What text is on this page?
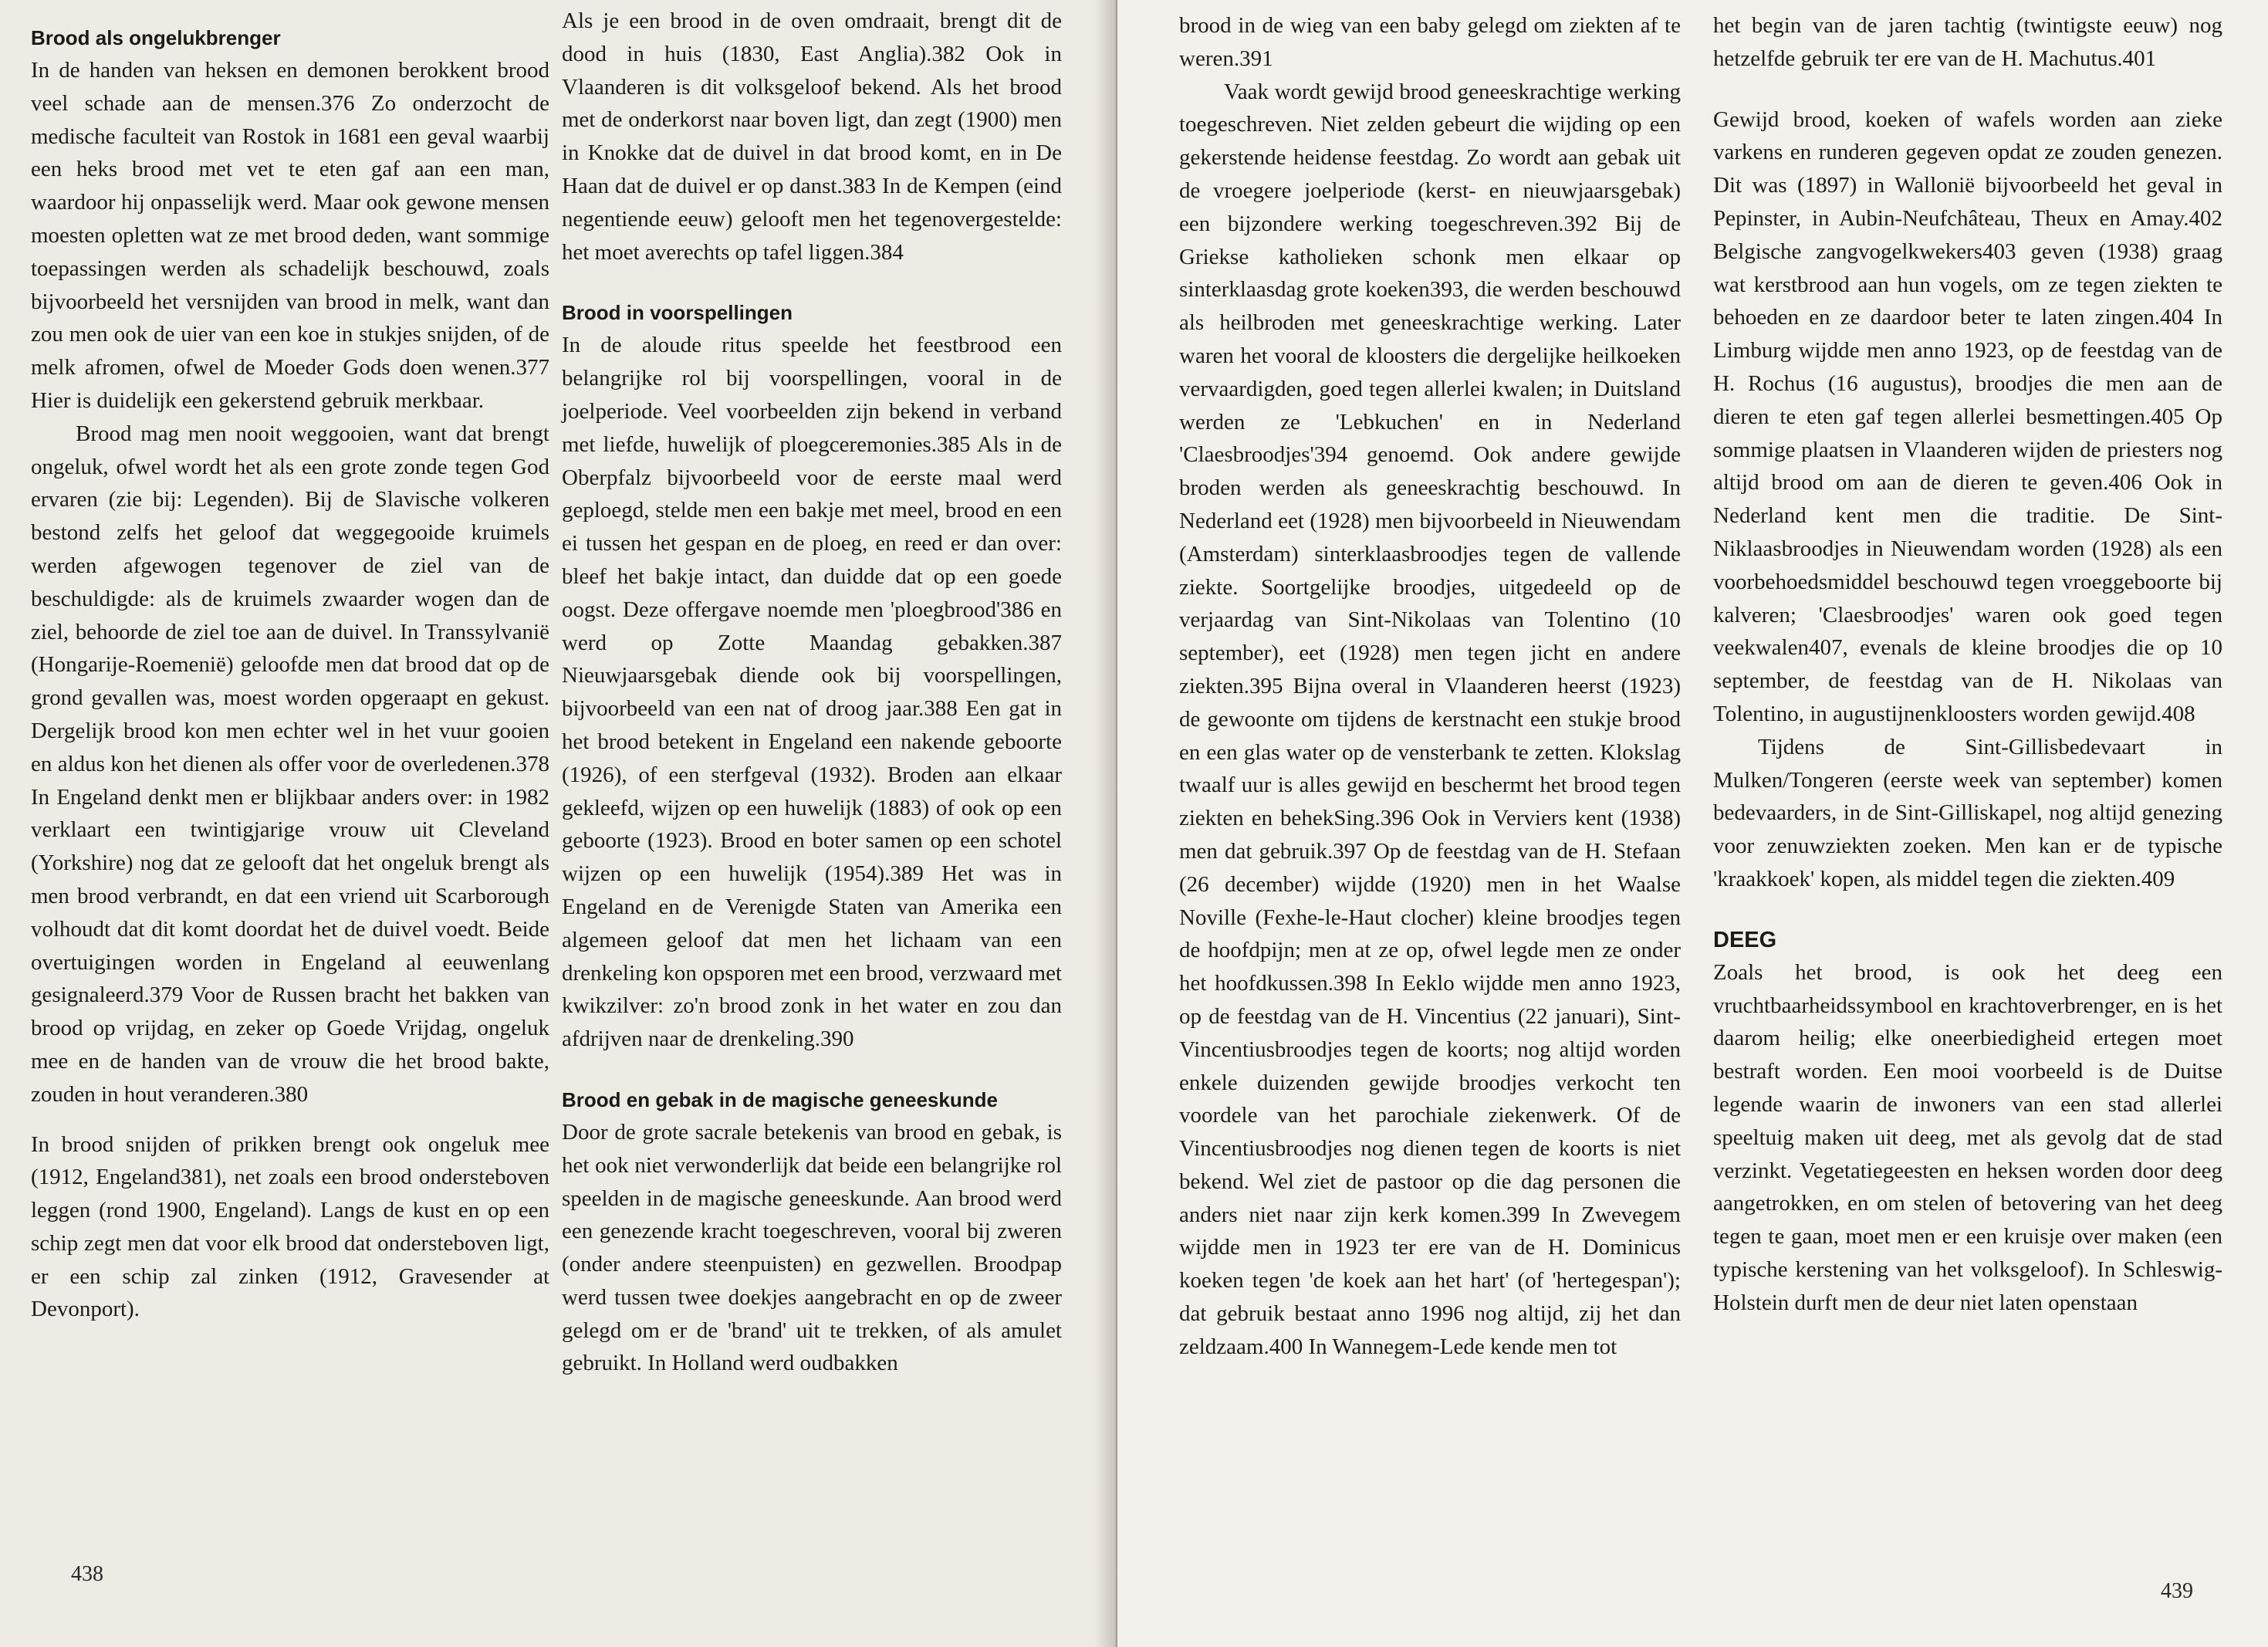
Brood als ongelukbrenger

In de handen van heksen en demonen berokkent brood veel schade aan de mensen.376 Zo onderzocht de medische faculteit van Rostok in 1681 een geval waarbij een heks brood met vet te eten gaf aan een man, waardoor hij onpasselijk werd. Maar ook gewone mensen moesten opletten wat ze met brood deden, want sommige toepassingen werden als schadelijk beschouwd, zoals bijvoorbeeld het versnijden van brood in melk, want dan zou men ook de uier van een koe in stukjes snijden, of de melk afromen, ofwel de Moeder Gods doen wenen.377 Hier is duidelijk een gekerstend gebruik merkbaar.

Brood mag men nooit weggooien, want dat brengt ongeluk, ofwel wordt het als een grote zonde tegen God ervaren (zie bij: Legenden). Bij de Slavische volkeren bestond zelfs het geloof dat weggegooide kruimels werden afgewogen tegenover de ziel van de beschuldigde: als de kruimels zwaarder wogen dan de ziel, behoorde de ziel toe aan de duivel. In Transsylvanië (Hongarije-Roemenië) geloofde men dat brood dat op de grond gevallen was, moest worden opgeraapt en gekust. Dergelijk brood kon men echter wel in het vuur gooien en aldus kon het dienen als offer voor de overledenen.378 In Engeland denkt men er blijkbaar anders over: in 1982 verklaart een twintigjarige vrouw uit Cleveland (Yorkshire) nog dat ze gelooft dat het ongeluk brengt als men brood verbrandt, en dat een vriend uit Scarborough volhoudt dat dit komt doordat het de duivel voedt. Beide overtuigingen worden in Engeland al eeuwenlang gesignaleerd.379 Voor de Russen bracht het bakken van brood op vrijdag, en zeker op Goede Vrijdag, ongeluk mee en de handen van de vrouw die het brood bakte, zouden in hout veranderen.380

In brood snijden of prikken brengt ook ongeluk mee (1912, Engeland381), net zoals een brood ondersteboven leggen (rond 1900, Engeland). Langs de kust en op een schip zegt men dat voor elk brood dat ondersteboven ligt, er een schip zal zinken (1912, Gravesender at Devonport).

Als je een brood in de oven omdraait, brengt dit de dood in huis (1830, East Anglia).382 Ook in Vlaanderen is dit volksgeloof bekend. Als het brood met de onderkorst naar boven ligt, dan zegt (1900) men in Knokke dat de duivel in dat brood komt, en in De Haan dat de duivel er op danst.383 In de Kempen (eind negentiende eeuw) gelooft men het tegenovergestelde: het moet averechts op tafel liggen.384

Brood in voorspellingen

In de aloude ritus speelde het feestbrood een belangrijke rol bij voorspellingen, vooral in de joelperiode. Veel voorbeelden zijn bekend in verband met liefde, huwelijk of ploegceremonies.385 Als in de Oberpfalz bijvoorbeeld voor de eerste maal werd geploegd, stelde men een bakje met meel, brood en een ei tussen het gespan en de ploeg, en reed er dan over: bleef het bakje intact, dan duidde dat op een goede oogst. Deze offergave noemde men 'ploegbrood'386 en werd op Zotte Maandag gebakken.387 Nieuwjaarsgebak diende ook bij voorspellingen, bijvoorbeeld van een nat of droog jaar.388 Een gat in het brood betekent in Engeland een nakende geboorte (1926), of een sterfgeval (1932). Broden aan elkaar gekleefd, wijzen op een huwelijk (1883) of ook op een geboorte (1923). Brood en boter samen op een schotel wijzen op een huwelijk (1954).389 Het was in Engeland en de Verenigde Staten van Amerika een algemeen geloof dat men het lichaam van een drenkeling kon opsporen met een brood, verzwaard met kwikzilver: zo'n brood zonk in het water en zou dan afdrijven naar de drenkeling.390

Brood en gebak in de magische geneeskunde

Door de grote sacrale betekenis van brood en gebak, is het ook niet verwonderlijk dat beide een belangrijke rol speelden in de magische geneeskunde. Aan brood werd een genezende kracht toegeschreven, vooral bij zweren (onder andere steenpuisten) en gezwellen. Broodpap werd tussen twee doekjes aangebracht en op de zweer gelegd om er de 'brand' uit te trekken, of als amulet gebruikt. In Holland werd oudbakken

438

brood in de wieg van een baby gelegd om ziekten af te weren.391

Vaak wordt gewijd brood geneeskrachtige werking toegeschreven. Niet zelden gebeurt die wijding op een gekerstende heidense feestdag. Zo wordt aan gebak uit de vroegere joelperiode (kerst- en nieuwjaarsgebak) een bijzondere werking toegeschreven.392 Bij de Griekse katholieken schonk men elkaar op sinterklaasdag grote koeken393, die werden beschouwd als heilbroden met geneeskrachtige werking. Later waren het vooral de kloosters die dergelijke heilkoeken vervaardigden, goed tegen allerlei kwalen; in Duitsland werden ze 'Lebkuchen' en in Nederland 'Claesbroodjes'394 genoemd. Ook andere gewijde broden werden als geneeskrachtig beschouwd. In Nederland eet (1928) men bijvoorbeeld in Nieuwendam (Amsterdam) sinterklaasbroodjes tegen de vallende ziekte. Soortgelijke broodjes, uitgedeeld op de verjaardag van Sint-Nikolaas van Tolentino (10 september), eet (1928) men tegen jicht en andere ziekten.395 Bijna overal in Vlaanderen heerst (1923) de gewoonte om tijdens de kerstnacht een stukje brood en een glas water op de vensterbank te zetten. Klokslag twaalf uur is alles gewijd en beschermt het brood tegen ziekten en behekSing.396 Ook in Verviers kent (1938) men dat gebruik.397 Op de feestdag van de H. Stefaan (26 december) wijdde (1920) men in het Waalse Noville (Fexhe-le-Haut clocher) kleine broodjes tegen de hoofdpijn; men at ze op, ofwel legde men ze onder het hoofdkussen.398 In Eeklo wijdde men anno 1923, op de feestdag van de H. Vincentius (22 januari), Sint-Vincentiusbroodjes tegen de koorts; nog altijd worden enkele duizenden gewijde broodjes verkocht ten voordele van het parochiale ziekenwerk. Of de Vincentiusbroodjes nog dienen tegen de koorts is niet bekend. Wel ziet de pastoor op die dag personen die anders niet naar zijn kerk komen.399 In Zwevegem wijdde men in 1923 ter ere van de H. Dominicus koeken tegen 'de koek aan het hart' (of 'hertegespan'); dat gebruik bestaat anno 1996 nog altijd, zij het dan zeldzaam.400 In Wannegem-Lede kende men tot

het begin van de jaren tachtig (twintigste eeuw) nog hetzelfde gebruik ter ere van de H. Machutus.401

Gewijd brood, koeken of wafels worden aan zieke varkens en runderen gegeven opdat ze zouden genezen. Dit was (1897) in Wallonië bijvoorbeeld het geval in Pepinster, in Aubin-Neufchâteau, Theux en Amay.402 Belgische zangvogelkwekers403 geven (1938) graag wat kerstbrood aan hun vogels, om ze tegen ziekten te behoeden en ze daardoor beter te laten zingen.404 In Limburg wijdde men anno 1923, op de feestdag van de H. Rochus (16 augustus), broodjes die men aan de dieren te eten gaf tegen allerlei besmettingen.405 Op sommige plaatsen in Vlaanderen wijden de priesters nog altijd brood om aan de dieren te geven.406 Ook in Nederland kent men die traditie. De Sint-Niklaasbroodjes in Nieuwendam worden (1928) als een voorbehoedsmiddel beschouwd tegen vroeggeboorte bij kalveren; 'Claesbroodjes' waren ook goed tegen veekwalen407, evenals de kleine broodjes die op 10 september, de feestdag van de H. Nikolaas van Tolentino, in augustijnenkloosters worden gewijd.408

Tijdens de Sint-Gillisbedevaart in Mulken/Tongeren (eerste week van september) komen bedevaarders, in de Sint-Gilliskapel, nog altijd genezing voor zenuwziekten zoeken. Men kan er de typische 'kraakkoek' kopen, als middel tegen die ziekten.409

DEEG

Zoals het brood, is ook het deeg een vruchtbaarheidssymbool en krachtoverbrenger, en is het daarom heilig; elke oneerbiedigheid ertegen moet bestraft worden. Een mooi voorbeeld is de Duitse legende waarin de inwoners van een stad allerlei speeltuig maken uit deeg, met als gevolg dat de stad verzinkt. Vegetatiegeesten en heksen worden door deeg aangetrokken, en om stelen of betovering van het deeg tegen te gaan, moet men er een kruisje over maken (een typische kerstening van het volksgeloof). In Schleswig-Holstein durft men de deur niet laten openstaan

439
